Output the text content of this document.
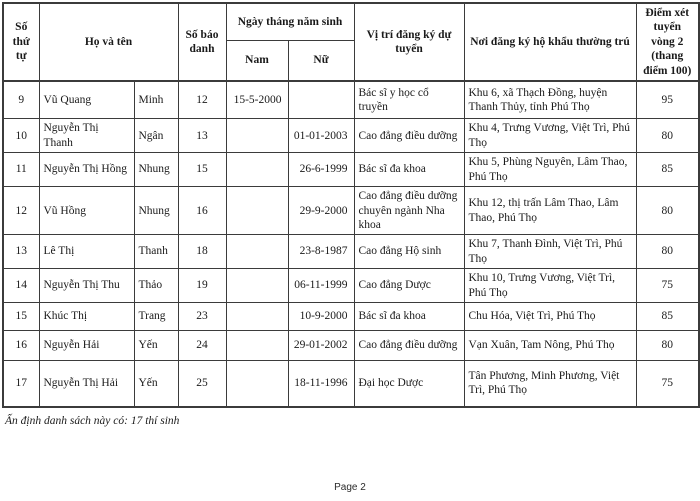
Số thứ tự	Họ và tên		Số báo danh	Ngày tháng năm sinh		Vị trí đăng ký dự tuyển	Nơi đăng ký hộ khẩu thường trú	Điểm xét tuyển vòng 2 (thang điểm 100)
				Nam	Nữ			
9	Vũ Quang	Minh	12	15-5-2000		Bác sĩ y học cổ truyền	Khu 6, xã Thạch Đồng, huyện Thanh Thủy, tỉnh Phú Thọ	95
10	Nguyễn Thị Thanh	Ngân	13		01-01-2003	Cao đẳng điều dưỡng	Khu 4, Trưng Vương, Việt Trì, Phú Thọ	80
11	Nguyễn Thị Hồng	Nhung	15		26-6-1999	Bác sĩ đa khoa	Khu 5, Phùng Nguyên, Lâm Thao, Phú Thọ	85
12	Vũ Hồng	Nhung	16		29-9-2000	Cao đẳng điều dưỡng chuyên ngành Nha khoa	Khu 12, thị trấn Lâm Thao, Lâm Thao, Phú Thọ	80
13	Lê Thị	Thanh	18		23-8-1987	Cao đẳng Hộ sinh	Khu 7, Thanh Đình, Việt Trì, Phú Thọ	80
14	Nguyễn Thị Thu	Thảo	19		06-11-1999	Cao đẳng Dược	Khu 10, Trưng Vương, Việt Trì, Phú Thọ	75
15	Khúc Thị	Trang	23		10-9-2000	Bác sĩ đa khoa	Chu Hóa, Việt Trì, Phú Thọ	85
16	Nguyễn Hải	Yến	24		29-01-2002	Cao đẳng điều dưỡng	Vạn Xuân, Tam Nông, Phú Thọ	80
17	Nguyễn Thị Hải	Yến	25		18-11-1996	Đại học Dược	Tân Phương, Minh Phương, Việt Trì, Phú Thọ	75
Ấn định danh sách này có: 17 thí sinh
Page 2
